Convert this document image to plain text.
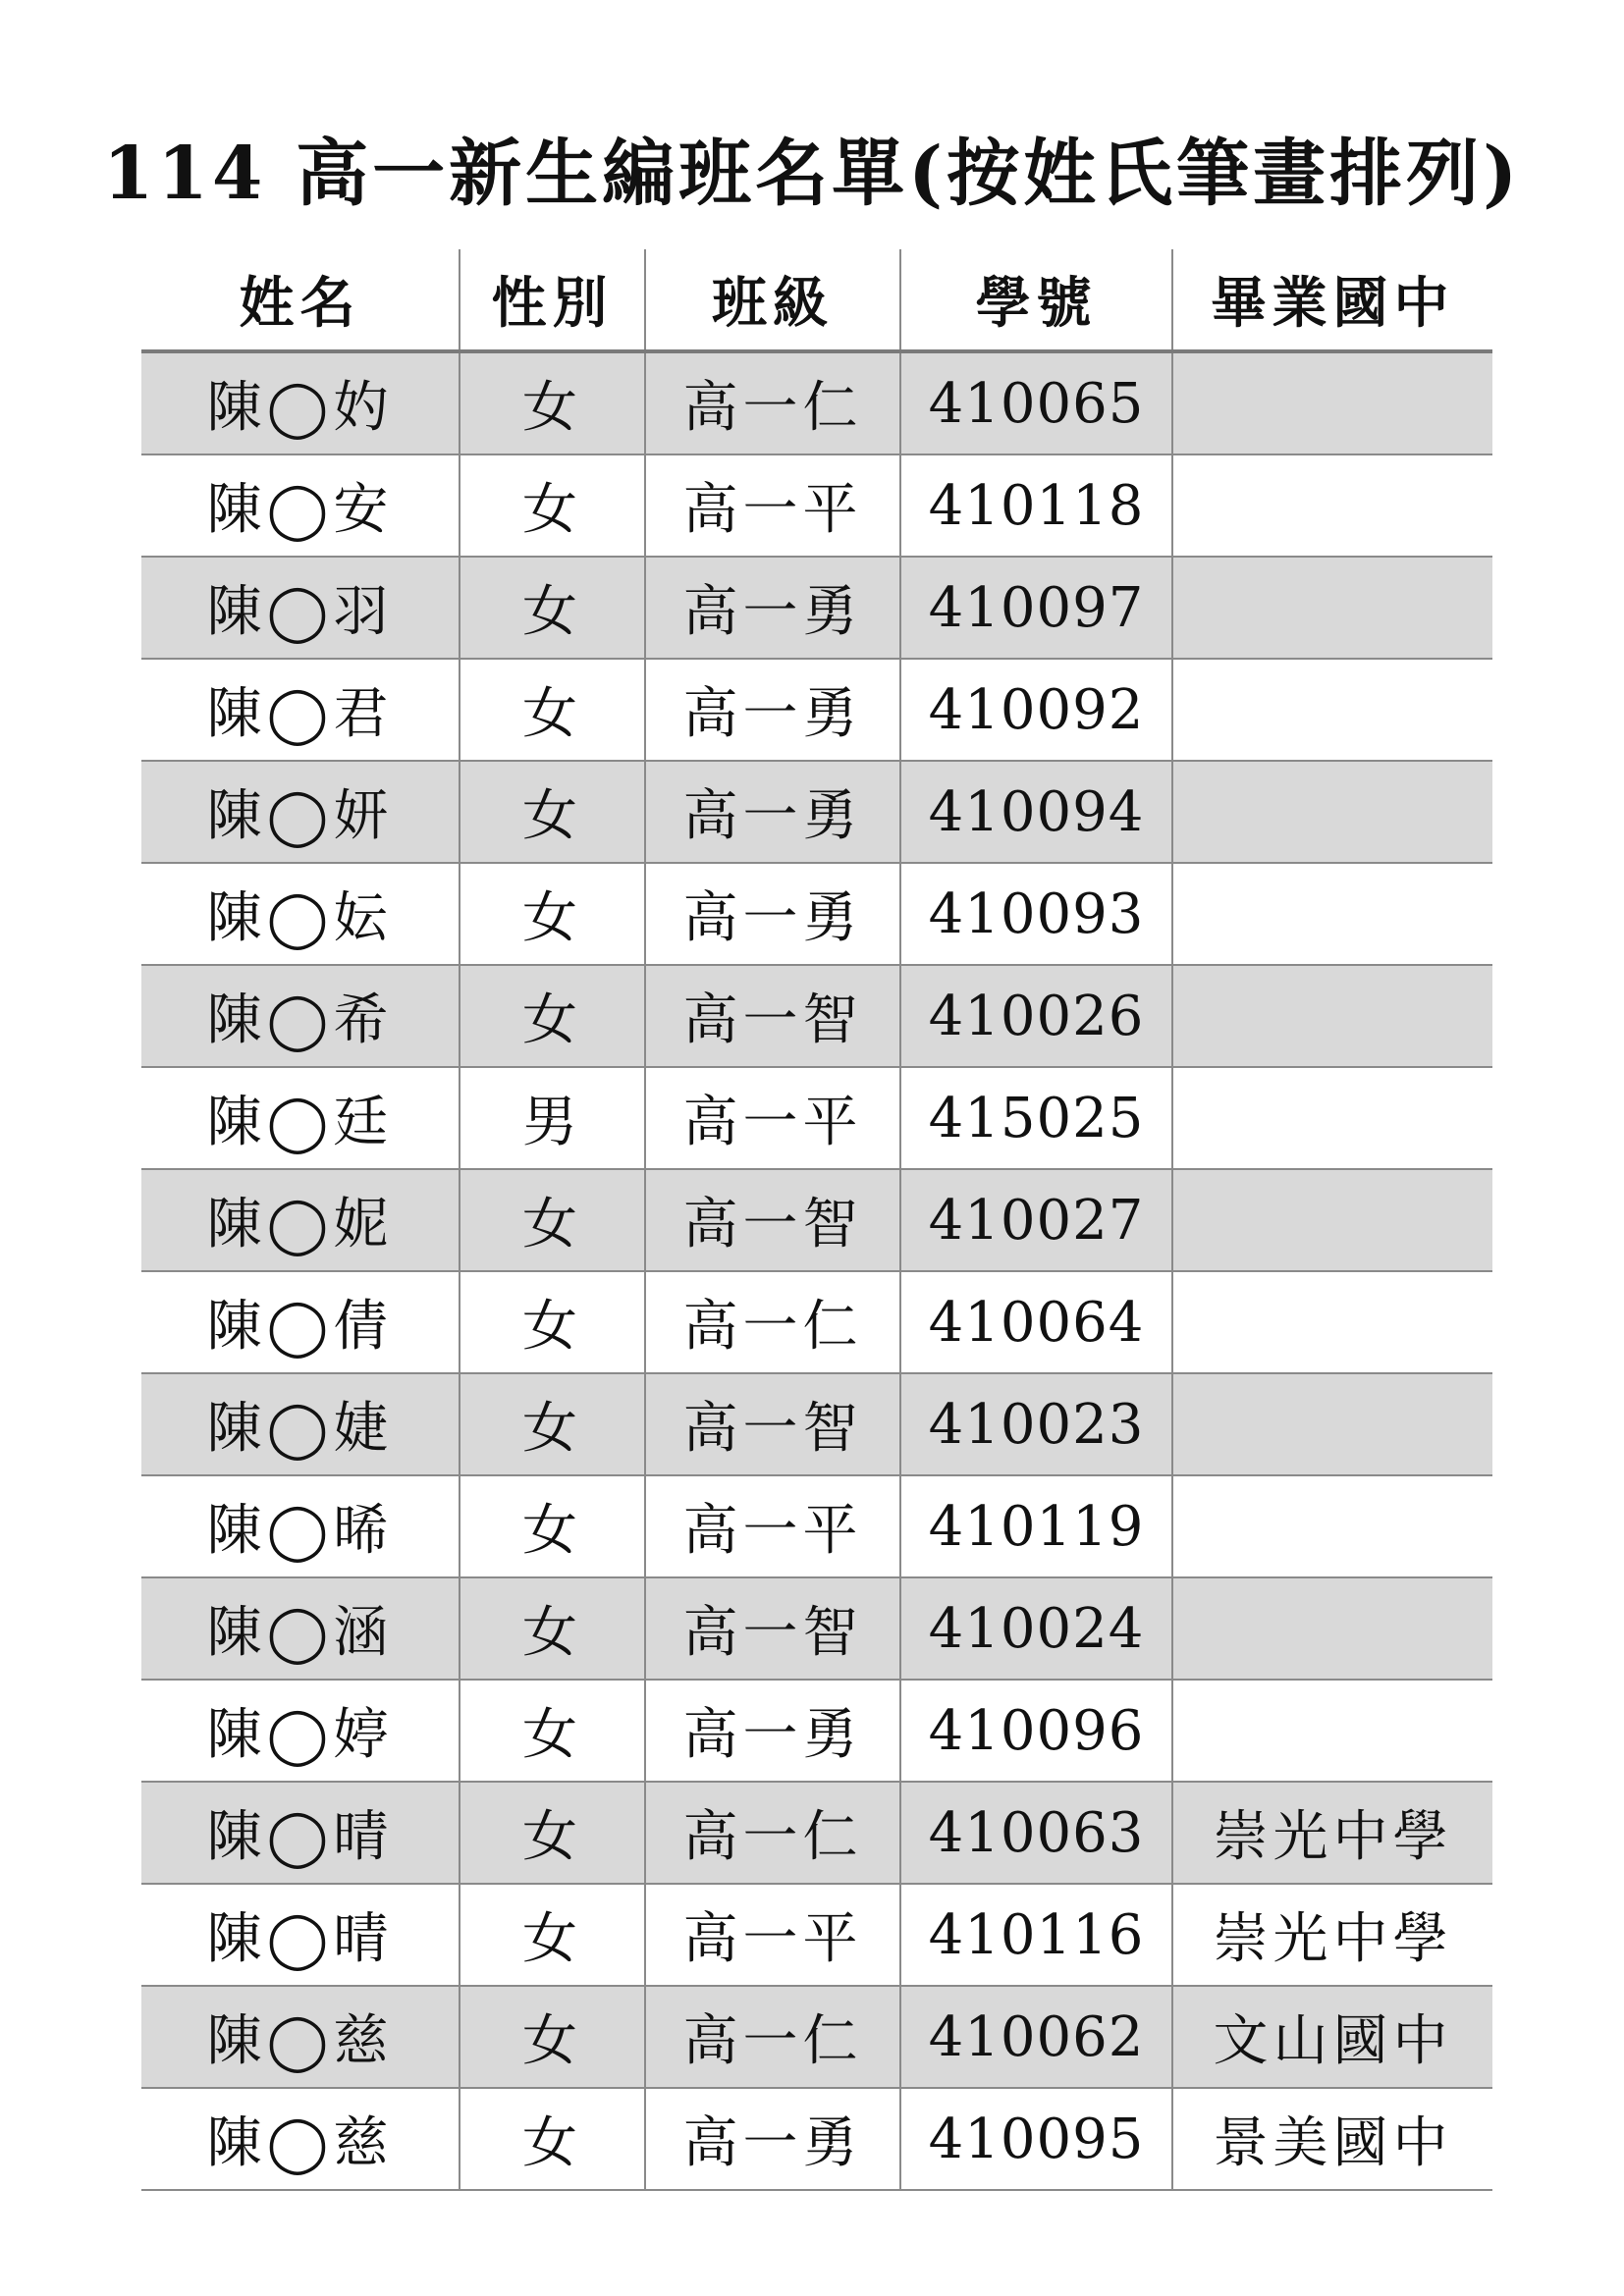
114 高一新生編班名單(按姓氏筆畫排列)
姓名	性別	班級	學號	畢業國中
陳◯妁	女	高一仁	410065	
陳◯安	女	高一平	410118	
陳◯羽	女	高一勇	410097	
陳◯君	女	高一勇	410092	
陳◯妍	女	高一勇	410094	
陳◯妘	女	高一勇	410093	
陳◯希	女	高一智	410026	
陳◯廷	男	高一平	415025	
陳◯妮	女	高一智	410027	
陳◯倩	女	高一仁	410064	
陳◯婕	女	高一智	410023	
陳◯晞	女	高一平	410119	
陳◯涵	女	高一智	410024	
陳◯婷	女	高一勇	410096	
陳◯晴	女	高一仁	410063	崇光中學
陳◯晴	女	高一平	410116	崇光中學
陳◯慈	女	高一仁	410062	文山國中
陳◯慈	女	高一勇	410095	景美國中
